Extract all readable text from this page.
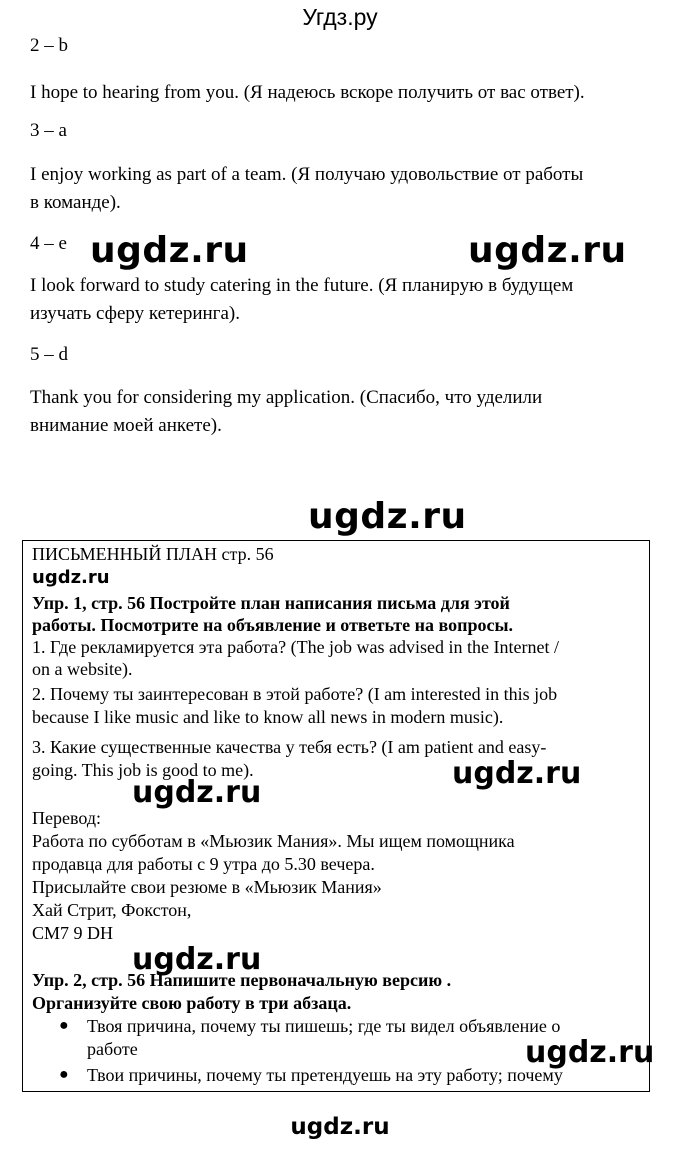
Угдз.ру
2 – b
I hope to hearing from you. (Я надеюсь вскоре получить от вас ответ).
3 – a
I enjoy working as part of a team. (Я получаю удовольствие от работы
в команде).
4 – e
I look forward to study catering in the future. (Я планирую в будущем
изучать сферу кетеринга).
5 – d
Thank you for considering my application. (Спасибо, что уделили
внимание моей анкете).
ugdz.ru	ugdz.ru
ugdz.ru
ПИСЬМЕННЫЙ ПЛАН стр. 56
ugdz.ru
Упр. 1, стр. 56 Постройте план написания письма для этой
работы. Посмотрите на объявление и ответьте на вопросы.
1. Где рекламируется эта работа? (The job was advised in the Internet /
on a website).
2. Почему ты заинтересован в этой работе? (I am interested in this job
because I like music and like to know all news in modern music).
3. Какие существенные качества у тебя есть? (I am patient and easy-
going. This job is good to me).
Перевод:
Работа по субботам в «Мьюзик Мания». Мы ищем помощника
продавца для работы с 9 утра до 5.30 вечера.
Присылайте свои резюме в «Мьюзик Мания»
Хай Стрит, Фокстон,
СМ7 9 DH
Упр. 2, стр. 56 Напишите первоначальную версию .
Организуйте свою работу в три абзаца.
● Твоя причина, почему ты пишешь; где ты видел объявление о
работе
● Твои причины, почему ты претендуешь на эту работу; почему
ugdz.ru
ugdz.ru
ugdz.ru
ugdz.ru
ugdz.ru
